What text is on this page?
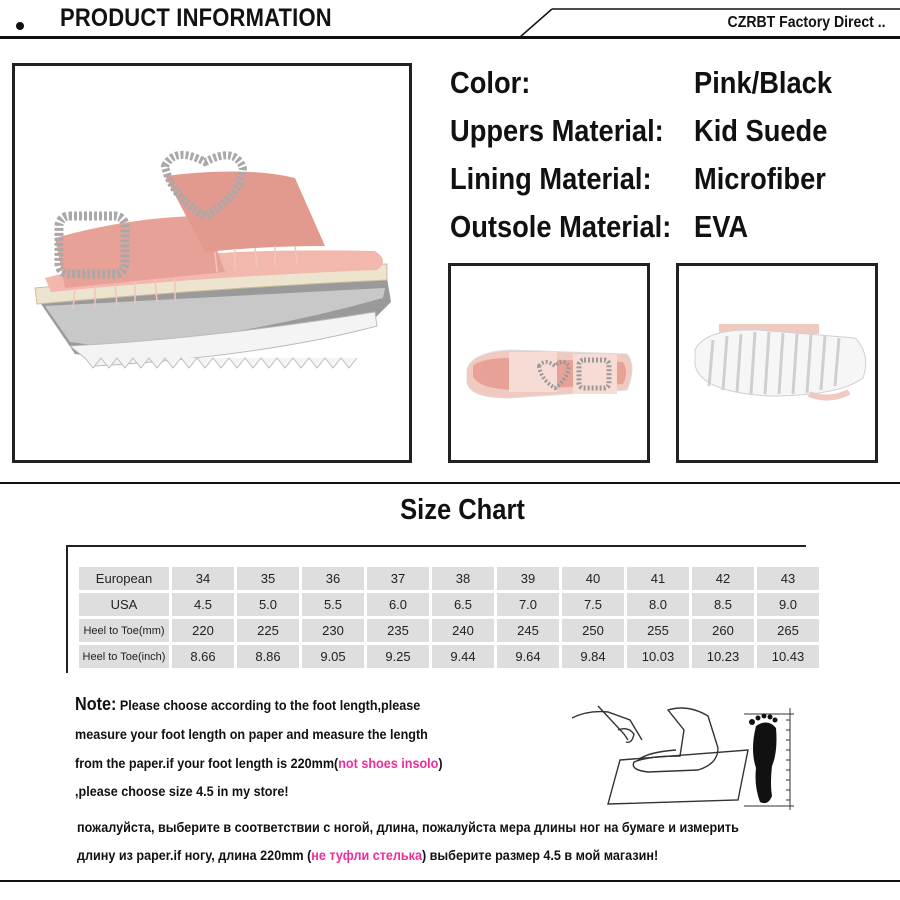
PRODUCT INFORMATION	CZRBT Factory Direct ..
Color:	Pink/Black
Uppers Material: Kid Suede
Lining Material: Microfiber
Outsole Material: EVA
Size Chart
European	34	35	36	37	38	39	40	41	42	43
USA	4.5	5.0	5.5	6.0	6.5	7.0	7.5	8.0	8.5	9.0
Heel to Toe(mm)	220	225	230	235	240	245	250	255	260	265
Heel to Toe(inch)	8.66	8.86	9.05	9.25	9.44	9.64	9.84	10.03	10.23	10.43
Note: Please choose according to the foot length,please
measure your foot length on paper and measure the length
from the paper.if your foot length is 220mm(not shoes insolo)
,please choose size 4.5 in my store!
пожалуйста, выберите в соответствии с ногой, длина, пожалуйста мера длины ног на бумаге и измерить
длину из paper.if ногу, длина 220mm (не туфли стелька) выберите размер 4.5 в мой магазин!
